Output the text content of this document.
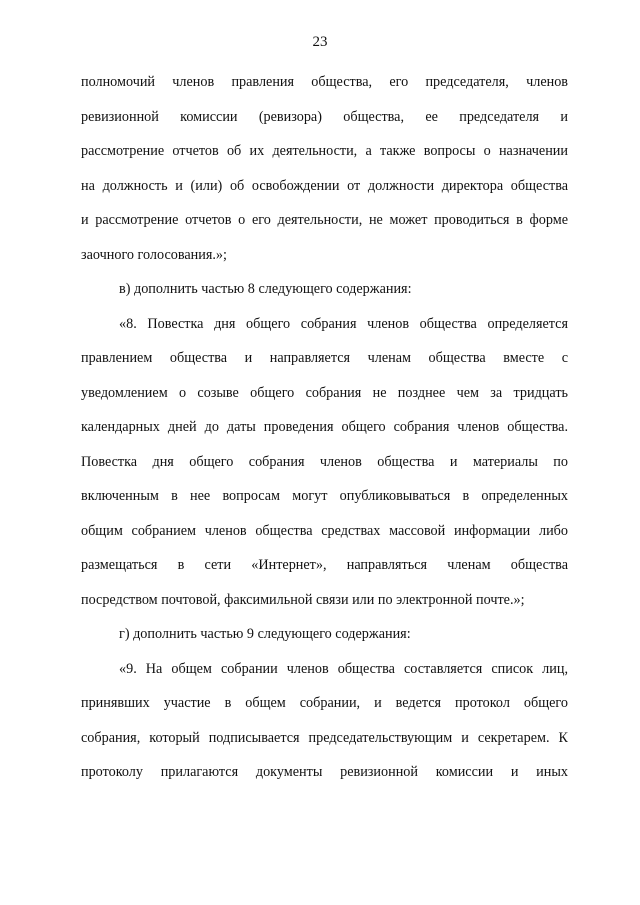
23
полномочий членов правления общества, его председателя, членов
ревизионной комиссии (ревизора) общества, ее председателя и
рассмотрение отчетов об их деятельности, а также вопросы о назначении
на должность и (или) об освобождении от должности директора общества
и рассмотрение отчетов о его деятельности, не может проводиться в форме
заочного голосования.»;
в) дополнить частью 8 следующего содержания:
«8. Повестка дня общего собрания членов общества определяется
правлением общества и направляется членам общества вместе с
уведомлением о созыве общего собрания не позднее чем за тридцать
календарных дней до даты проведения общего собрания членов общества.
Повестка дня общего собрания членов общества и материалы по
включенным в нее вопросам могут опубликовываться в определенных
общим собранием членов общества средствах массовой информации либо
размещаться в сети «Интернет», направляться членам общества
посредством почтовой, факсимильной связи или по электронной почте.»;
г) дополнить частью 9 следующего содержания:
«9. На общем собрании членов общества составляется список лиц,
принявших участие в общем собрании, и ведется протокол общего
собрания, который подписывается председательствующим и секретарем. К
протоколу прилагаются документы ревизионной комиссии и иных
